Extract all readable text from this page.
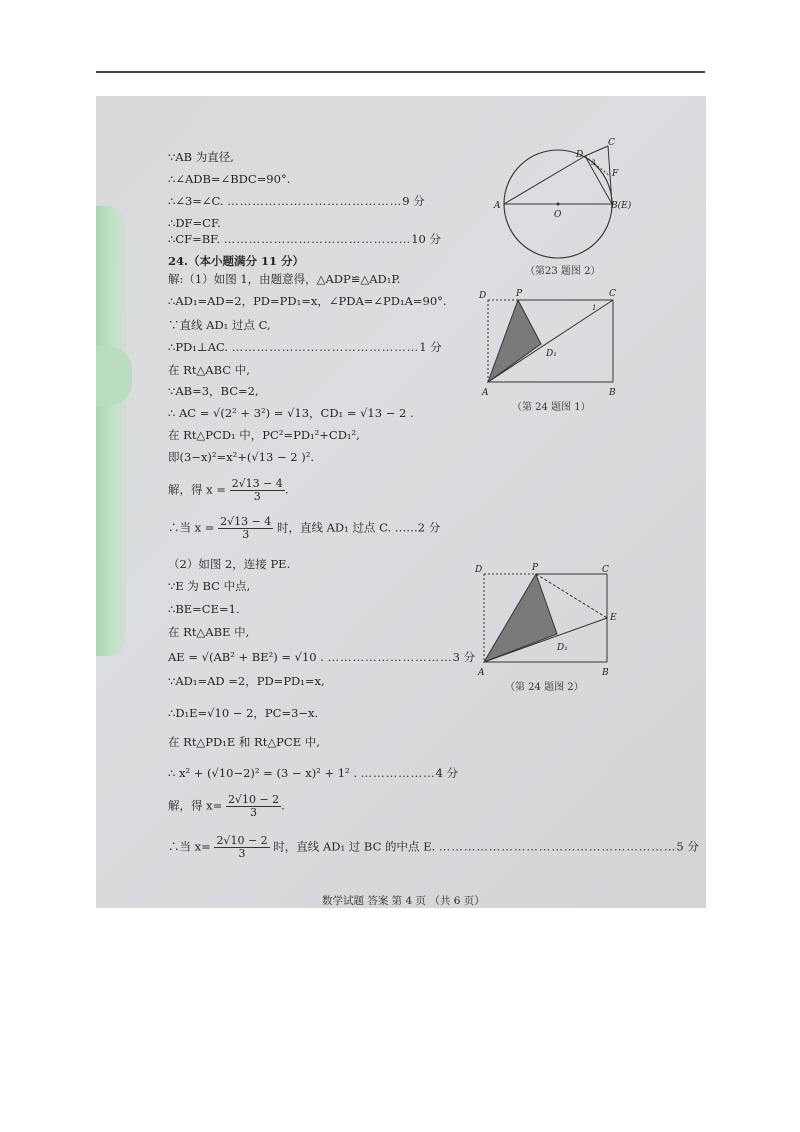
∵AB 为直径,
∴∠ADB=∠BDC=90°.
∴∠3=∠C. ……………………………………9 分
∴DF=CF.
∴CF=BF. ………………………………………10 分
24.（本小题满分 11 分）
解:（1）如图 1，由题意得，△ADP≌△AD₁P.
∴AD₁=AD=2，PD=PD₁=x，∠PDA=∠PD₁A=90°.
∵直线 AD₁ 过点 C,
∴PD₁⊥AC. ………………………………………1 分
在 Rt△ABC 中,
∵AB=3，BC=2,
∴ AC = √(2² + 3²) = √13，CD₁ = √13 − 2 .
在 Rt△PCD₁ 中，PC²=PD₁²+CD₁²,
即(3−x)²=x²+(√13 − 2 )².
解，得 $x = \frac{2√13 - 4}{3}$ .
∴当 $x = \frac{2√13 - 4}{3}$ 时，直线 AD₁ 过点 C. ……2 分
（2）如图 2，连接 PE.
∵E 为 BC 中点,
∴BE=CE=1.
在 Rt△ABE 中,
AE = √(AB² + BE²) = √10 . …………………………3 分
∵AD₁=AD =2，PD=PD₁=x,
∴D₁E=√10 − 2，PC=3−x.
在 Rt△PD₁E 和 Rt△PCE 中,
∴ x² + (√10−2)² = (3 − x)² + 1² . ………………4 分
解，得 $x= \frac{2√10 - 2}{3}$ .
∴当 $x= \frac{2√10 - 2}{3}$ 时，直线 AD₁ 过 BC 的中点 E. …………………………………………………5 分
A
O
B(E)
C
D
F
3
（第23 题图 2）
D	P	C
A	B
D₁
1
（第 24 题图 1）
D	P	C
A	B
E
D₁
（第 24 题图 2）
数学试题 答案 第 4 页 （共 6 页）
